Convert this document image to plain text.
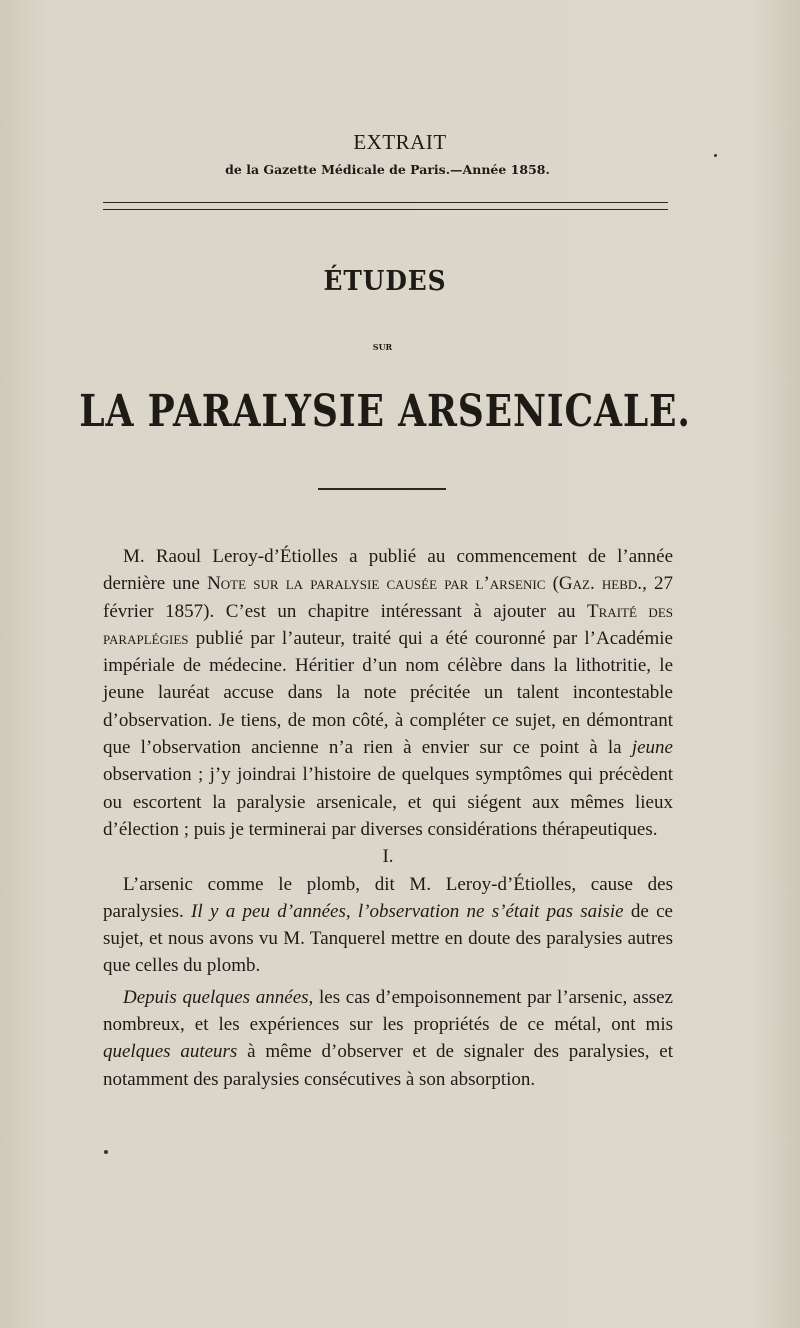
EXTRAIT
de la Gazette Médicale de Paris.—Année 1858.
ÉTUDES
SUR
LA PARALYSIE ARSENICALE.

M. Raoul Leroy-d’Étiolles a publié au commencement de l’année dernière une Note sur la paralysie causée par l’arsenic (Gaz. hebd., 27 février 1857). C’est un chapitre intéressant à ajouter au Traité des paraplégies publié par l’auteur, traité qui a été couronné par l’Académie impériale de médecine. Héritier d’un nom célèbre dans la lithotritie, le jeune lauréat accuse dans la note précitée un talent incontestable d’observation. Je tiens, de mon côté, à compléter ce sujet, en démontrant que l’observation ancienne n’a rien à envier sur ce point à la jeune observation ; j’y joindrai l’histoire de quelques symptômes qui précèdent ou escortent la paralysie arsenicale, et qui siégent aux mêmes lieux d’élection ; puis je terminerai par diverses considérations thérapeutiques.

I.

L’arsenic comme le plomb, dit M. Leroy-d’Étiolles, cause des paralysies. Il y a peu d’années, l’observation ne s’était pas saisie de ce sujet, et nous avons vu M. Tanquerel mettre en doute des paralysies autres que celles du plomb.

Depuis quelques années, les cas d’empoisonnement par l’arsenic, assez nombreux, et les expériences sur les propriétés de ce métal, ont mis quelques auteurs à même d’observer et de signaler des paralysies, et notamment des paralysies consécutives à son absorption.
